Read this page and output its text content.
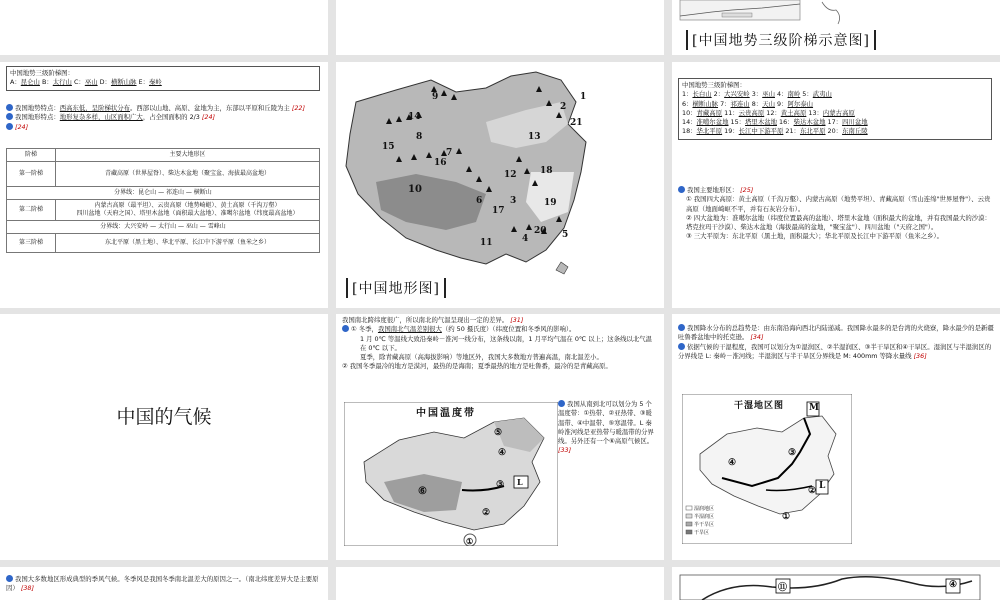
[中国地势三级阶梯示意图]
中国地势三级阶梯图：
A：昆仑山 B：太行山 C：巫山 D：横断山脉 E：秦岭
我国地势特点：西高东低，呈阶梯状分布。西部以山地、高原、盆地为主，东部以平原和丘陵为主 [22]
我国地形特点：地形复杂多样，山区面积广大，占全国面积的 2/3 [24]
[24]
阶梯	主要大地形区
第一阶梯	青藏高原（世界屋脊）、柴达木盆地（聚宝盆、海拔最高盆地）
分界线：昆仑山 — 祁连山 — 横断山	
第二阶梯	内蒙古高原（最平坦）、云贵高原（地势崎岖）、黄土高原（千沟万壑）
四川盆地（天府之国）、塔里木盆地（面积最大盆地）、准噶尔盆地（纬度最高盆地）

分界线：大兴安岭 — 太行山 — 巫山 — 雪峰山	
第三阶梯	东北平原（黑土地）、华北平原、长江中下游平原（鱼米之乡）
9
14
8
15
7
16
10
13
2
21
1
12	18
3
17
6	19
11
20
4	5
[中国地形图]
中国地势三级阶梯图：
1：长白山 2：大兴安岭 3：巫山 4：南岭 5：武夷山
6：横断山脉 7：祁连山 8：天山 9：阿尔泰山
10：青藏高原 11：云贵高原 12：黄土高原 13：内蒙古高原
14：准噶尔盆地 15：塔里木盆地 16：柴达木盆地 17：四川盆地
18：华北平原 19：长江中下游平原 21：东北平原 20：东南丘陵
我国主要地形区： [25]
① 我国四大高原：黄土高原（千沟万壑）、内蒙古高原（地势平坦）、青藏高原（雪山连绵"世界屋脊"）、云贵高原（地面崎岖不平，并有石灰岩分布）。
② 四大盆地为：准噶尔盆地（纬度位置最高的盆地）、塔里木盆地（面积最大的盆地，并有我国最大的沙漠：塔克拉玛干沙漠）、柴达木盆地（海拔最高的盆地，"聚宝盆"）、四川盆地（"天府之国"）。
③ 三大平原为：东北平原（黑土地，面积最大）；华北平原及长江中下游平原（鱼米之乡）。
中国的气候
我国南北跨纬度很广，所以南北的气温呈现出一定的差异。 [31]
① 冬季，我国南北气温差别很大（约 50 摄氏度）（纬度位置和冬季风的影响）。
1 月 0℃ 等温线大致沿秦岭－淮河一线分布，这条线以南，1 月平均气温在 0℃ 以上；这条线以北气温在 0℃ 以下。
夏季，除青藏高原（高海拔影响）等地区外，我国大多数地方普遍高温，南北温差小。
② 我国冬季最冷的地方是漠河，最热的是海南；夏季最热的地方是吐鲁番，最冷的是青藏高原。
中国温度带
⑤
④
③
⑥
②
①
L
我国从南到北可以划分为 5 个温度带：①热带、②亚热带、③暖温带、④中温带、⑤寒温带。L 秦岭淮河线是亚热带与暖温带的分界线。另外还有一个⑥高原气候区。 [33]
我国降水分布的总趋势是：由东南沿海向西北内陆递减。我国降水最多的是台湾的火烧寮，降水最少的是新疆吐鲁番盆地中的托克逊。 [34]
依据气候的干湿程度，我国可以划分为①湿润区、②半湿润区、③半干旱区和④干旱区。湿润区与半湿润区的分界线是 L: 秦岭－淮河线；半湿润区与半干旱区分界线是 M: 400mm 等降水量线 [36]
干湿地区图	M
L
①
②
③
④
湿润地区
半湿润区
半干旱区
干旱区
我国大多数地区形成典型的季风气候。冬季风是我国冬季南北温差大的原因之一。（南北纬度差异大是主要原因） [38]	⑪	④
